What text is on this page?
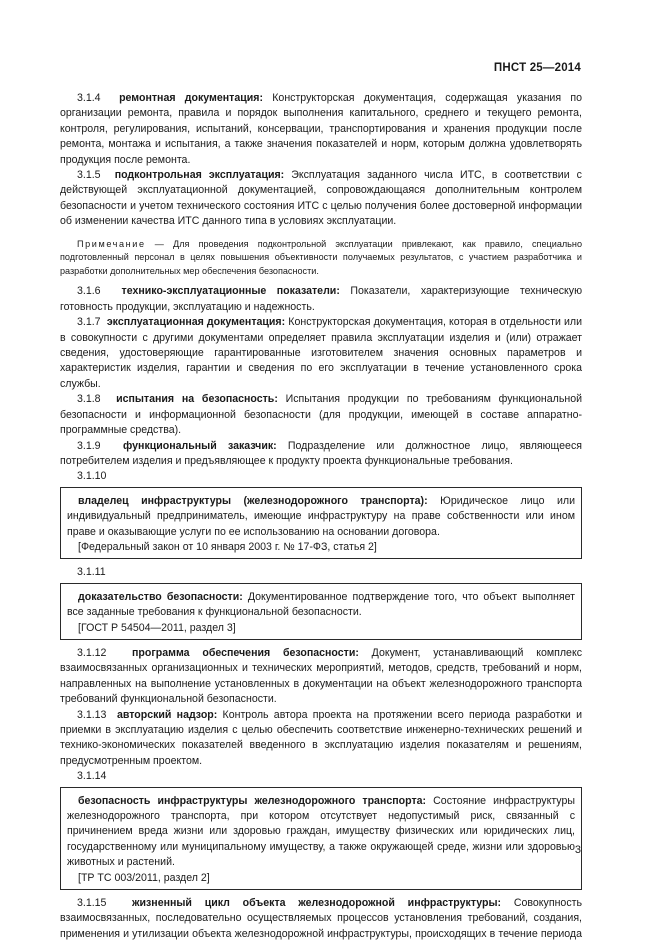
ПНСТ 25—2014

3.1.4 ремонтная документация: Конструкторская документация, содержащая указания по организации ремонта, правила и порядок выполнения капитального, среднего и текущего ремонта, контроля, регулирования, испытаний, консервации, транспортирования и хранения продукции после ремонта, монтажа и испытания, а также значения показателей и норм, которым должна удовлетворять продукция после ремонта.

3.1.5 подконтрольная эксплуатация: Эксплуатация заданного числа ИТС, в соответствии с действующей эксплуатационной документацией, сопровождающаяся дополнительным контролем безопасности и учетом технического состояния ИТС с целью получения более достоверной информации об изменении качества ИТС данного типа в условиях эксплуатации.

Примечание — Для проведения подконтрольной эксплуатации привлекают, как правило, специально подготовленный персонал в целях повышения объективности получаемых результатов, с участием разработчика и разработки дополнительных мер обеспечения безопасности.

3.1.6 технико-эксплуатационные показатели: Показатели, характеризующие техническую готовность продукции, эксплуатацию и надежность.

3.1.7 эксплуатационная документация: Конструкторская документация, которая в отдельности или в совокупности с другими документами определяет правила эксплуатации изделия и (или) отражает сведения, удостоверяющие гарантированные изготовителем значения основных параметров и характеристик изделия, гарантии и сведения по его эксплуатации в течение установленного срока службы.

3.1.8 испытания на безопасность: Испытания продукции по требованиям функциональной безопасности и информационной безопасности (для продукции, имеющей в составе аппаратно-программные средства).

3.1.9 функциональный заказчик: Подразделение или должностное лицо, являющееся потребителем изделия и предъявляющее к продукту проекта функциональные требования.

3.1.10

владелец инфраструктуры (железнодорожного транспорта): Юридическое лицо или индивидуальный предприниматель, имеющие инфраструктуру на праве собственности или ином праве и оказывающие услуги по ее использованию на основании договора.

[Федеральный закон от 10 января 2003 г. № 17-ФЗ, статья 2]

3.1.11

доказательство безопасности: Документированное подтверждение того, что объект выполняет все заданные требования к функциональной безопасности.

[ГОСТ Р 54504—2011, раздел 3]

3.1.12 программа обеспечения безопасности: Документ, устанавливающий комплекс взаимосвязанных организационных и технических мероприятий, методов, средств, требований и норм, направленных на выполнение установленных в документации на объект железнодорожного транспорта требований функциональной безопасности.

3.1.13 авторский надзор: Контроль автора проекта на протяжении всего периода разработки и приемки в эксплуатацию изделия с целью обеспечить соответствие инженерно-технических решений и технико-экономических показателей введенного в эксплуатацию изделия показателям и решениям, предусмотренным проектом.

3.1.14

безопасность инфраструктуры железнодорожного транспорта: Состояние инфраструктуры железнодорожного транспорта, при котором отсутствует недопустимый риск, связанный с причинением вреда жизни или здоровью граждан, имуществу физических или юридических лиц, государственному или муниципальному имуществу, а также окружающей среде, жизни или здоровью животных и растений.

[ТР ТС 003/2011, раздел 2]

3.1.15 жизненный цикл объекта железнодорожной инфраструктуры: Совокупность взаимосвязанных, последовательно осуществляемых процессов установления требований, создания, применения и утилизации объекта железнодорожной инфраструктуры, происходящих в течение периода

3
